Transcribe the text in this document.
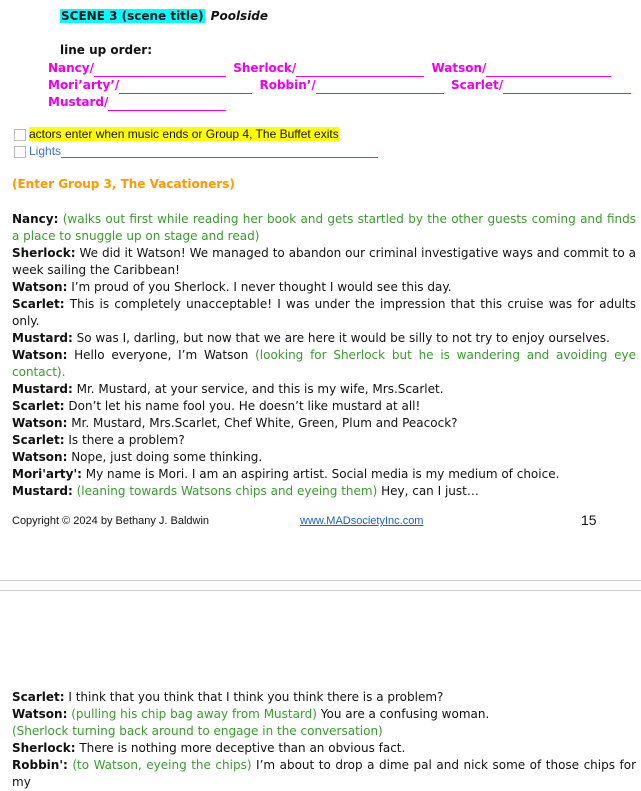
SCENE 3 (scene title) Poolside
line up order:
Nancy/	Sherlock/	Watson/
Mori’arty’/	Robbin’/	Scarlet/
Mustard/
actors enter when music ends or Group 4, The Buffet exits
Lights
(Enter Group 3, The Vacationers)

Nancy: (walks out first while reading her book and gets startled by the other guests coming and finds a place to snuggle up on stage and read)

Sherlock: We did it Watson! We managed to abandon our criminal investigative ways and commit to a week sailing the Caribbean!

Watson: I’m proud of you Sherlock. I never thought I would see this day.

Scarlet: This is completely unacceptable! I was under the impression that this cruise was for adults only.

Mustard: So was I, darling, but now that we are here it would be silly to not try to enjoy ourselves.

Watson: Hello everyone, I’m Watson (looking for Sherlock but he is wandering and avoiding eye contact).

Mustard: Mr. Mustard, at your service, and this is my wife, Mrs.Scarlet.

Scarlet: Don’t let his name fool you. He doesn’t like mustard at all!

Watson: Mr. Mustard, Mrs.Scarlet, Chef White, Green, Plum and Peacock?

Scarlet: Is there a problem?

Watson: Nope, just doing some thinking.

Mori'arty': My name is Mori. I am an aspiring artist. Social media is my medium of choice.

Mustard: (leaning towards Watsons chips and eyeing them) Hey, can I just…

Copyright © 2024 by Bethany J. Baldwin	www.MADsocietyInc.com	15

Scarlet: I think that you think that I think you think there is a problem?

Watson: (pulling his chip bag away from Mustard) You are a confusing woman.

(Sherlock turning back around to engage in the conversation)

Sherlock: There is nothing more deceptive than an obvious fact.

Robbin': (to Watson, eyeing the chips) I’m about to drop a dime pal and nick some of those chips for my
